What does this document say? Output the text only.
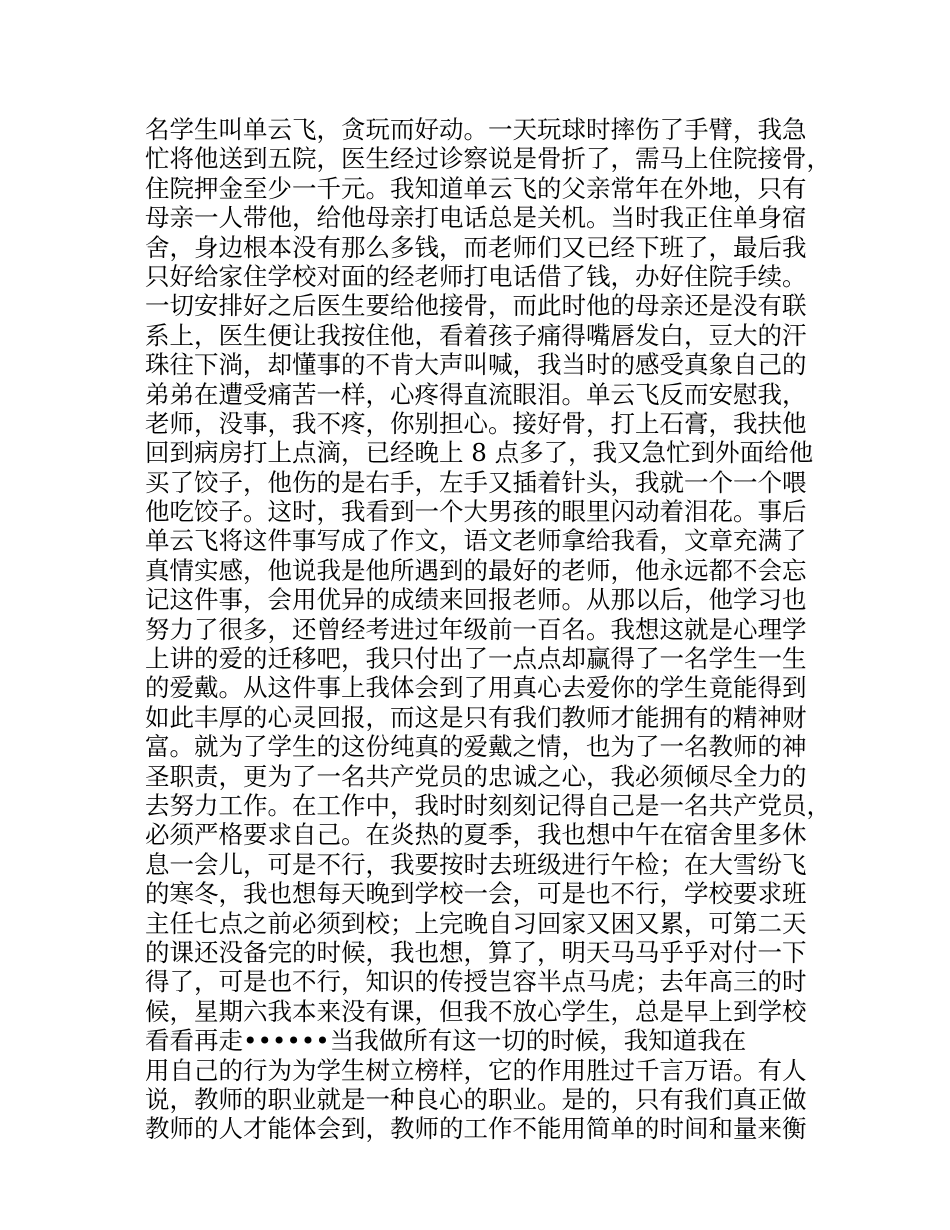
名学生叫单云飞，贪玩而好动。一天玩球时摔伤了手臂，我急
忙将他送到五院，医生经过诊察说是骨折了，需马上住院接骨，
住院押金至少一千元。我知道单云飞的父亲常年在外地，只有
母亲一人带他，给他母亲打电话总是关机。当时我正住单身宿
舍，身边根本没有那么多钱，而老师们又已经下班了，最后我
只好给家住学校对面的经老师打电话借了钱，办好住院手续。
一切安排好之后医生要给他接骨，而此时他的母亲还是没有联
系上，医生便让我按住他，看着孩子痛得嘴唇发白，豆大的汗
珠往下淌，却懂事的不肯大声叫喊，我当时的感受真象自己的
弟弟在遭受痛苦一样，心疼得直流眼泪。单云飞反而安慰我，
老师，没事，我不疼，你别担心。接好骨，打上石膏，我扶他
回到病房打上点滴，已经晚上 8 点多了，我又急忙到外面给他
买了饺子，他伤的是右手，左手又插着针头，我就一个一个喂
他吃饺子。这时，我看到一个大男孩的眼里闪动着泪花。事后
单云飞将这件事写成了作文，语文老师拿给我看，文章充满了
真情实感，他说我是他所遇到的最好的老师，他永远都不会忘
记这件事，会用优异的成绩来回报老师。从那以后，他学习也
努力了很多，还曾经考进过年级前一百名。我想这就是心理学
上讲的爱的迁移吧，我只付出了一点点却赢得了一名学生一生
的爱戴。从这件事上我体会到了用真心去爱你的学生竟能得到
如此丰厚的心灵回报，而这是只有我们教师才能拥有的精神财
富。就为了学生的这份纯真的爱戴之情，也为了一名教师的神
圣职责，更为了一名共产党员的忠诚之心，我必须倾尽全力的
去努力工作。在工作中，我时时刻刻记得自己是一名共产党员，
必须严格要求自己。在炎热的夏季，我也想中午在宿舍里多休
息一会儿，可是不行，我要按时去班级进行午检；在大雪纷飞
的寒冬，我也想每天晚到学校一会，可是也不行，学校要求班
主任七点之前必须到校；上完晚自习回家又困又累，可第二天
的课还没备完的时候，我也想，算了，明天马马乎乎对付一下
得了，可是也不行，知识的传授岂容半点马虎；去年高三的时
候，星期六我本来没有课，但我不放心学生，总是早上到学校
看看再走••••••当我做所有这一切的时候，我知道我在
用自己的行为为学生树立榜样，它的作用胜过千言万语。有人
说，教师的职业就是一种良心的职业。是的，只有我们真正做
教师的人才能体会到，教师的工作不能用简单的时间和量来衡
